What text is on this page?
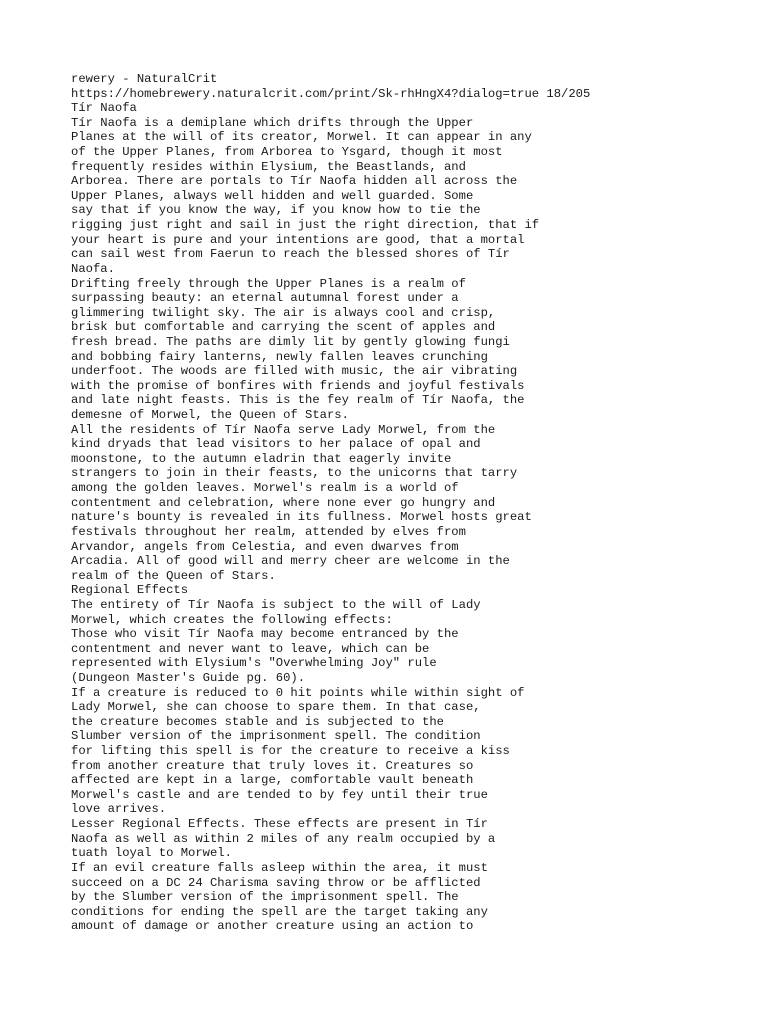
rewery - NaturalCrit
https://homebrewery.naturalcrit.com/print/Sk-rhHngX4?dialog=true 18/205
Tír Naofa
Tír Naofa is a demiplane which drifts through the Upper
Planes at the will of its creator, Morwel. It can appear in any
of the Upper Planes, from Arborea to Ysgard, though it most
frequently resides within Elysium, the Beastlands, and
Arborea. There are portals to Tír Naofa hidden all across the
Upper Planes, always well hidden and well guarded. Some
say that if you know the way, if you know how to tie the
rigging just right and sail in just the right direction, that if
your heart is pure and your intentions are good, that a mortal
can sail west from Faerun to reach the blessed shores of Tír
Naofa.
Drifting freely through the Upper Planes is a realm of
surpassing beauty: an eternal autumnal forest under a
glimmering twilight sky. The air is always cool and crisp,
brisk but comfortable and carrying the scent of apples and
fresh bread. The paths are dimly lit by gently glowing fungi
and bobbing fairy lanterns, newly fallen leaves crunching
underfoot. The woods are filled with music, the air vibrating
with the promise of bonfires with friends and joyful festivals
and late night feasts. This is the fey realm of Tír Naofa, the
demesne of Morwel, the Queen of Stars.
All the residents of Tír Naofa serve Lady Morwel, from the
kind dryads that lead visitors to her palace of opal and
moonstone, to the autumn eladrin that eagerly invite
strangers to join in their feasts, to the unicorns that tarry
among the golden leaves. Morwel's realm is a world of
contentment and celebration, where none ever go hungry and
nature's bounty is revealed in its fullness. Morwel hosts great
festivals throughout her realm, attended by elves from
Arvandor, angels from Celestia, and even dwarves from
Arcadia. All of good will and merry cheer are welcome in the
realm of the Queen of Stars.
Regional Effects
The entirety of Tír Naofa is subject to the will of Lady
Morwel, which creates the following effects:
Those who visit Tír Naofa may become entranced by the
contentment and never want to leave, which can be
represented with Elysium's "Overwhelming Joy" rule
(Dungeon Master's Guide pg. 60).
If a creature is reduced to 0 hit points while within sight of
Lady Morwel, she can choose to spare them. In that case,
the creature becomes stable and is subjected to the
Slumber version of the imprisonment spell. The condition
for lifting this spell is for the creature to receive a kiss
from another creature that truly loves it. Creatures so
affected are kept in a large, comfortable vault beneath
Morwel's castle and are tended to by fey until their true
love arrives.
Lesser Regional Effects. These effects are present in Tír
Naofa as well as within 2 miles of any realm occupied by a
tuath loyal to Morwel.
If an evil creature falls asleep within the area, it must
succeed on a DC 24 Charisma saving throw or be afflicted
by the Slumber version of the imprisonment spell. The
conditions for ending the spell are the target taking any
amount of damage or another creature using an action to
